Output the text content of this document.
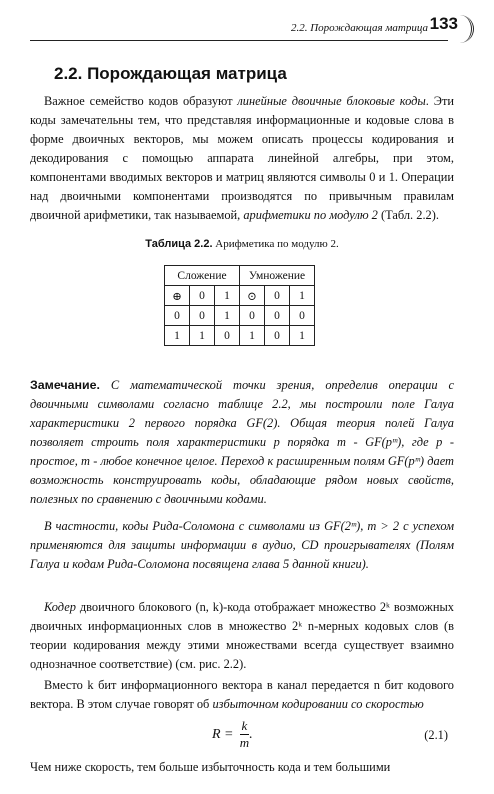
2.2. Порождающая матрица 133
2.2. Порождающая матрица

Важное семейство кодов образуют линейные двоичные блоковые коды. Эти коды замечательны тем, что представляя информационные и кодовые слова в форме двоичных векторов, мы можем описать процессы кодирования и декодирования с помощью аппарата линейной алгебры, при этом, компонентами вводимых векторов и матриц являются символы 0 и 1. Операции над двоичными компонентами производятся по привычным правилам двоичной арифметики, так называемой, арифметики по модулю 2 (Табл. 2.2).

Таблица 2.2. Арифметика по модулю 2.
Сложение			Умножение		
⊕	0	1	⊙	0	1
0	0	1	0	0	0
1	1	0	1	0	1

Замечание. С математической точки зрения, определив операции с двоичными символами согласно таблице 2.2, мы построили поле Галуа характеристики 2 первого порядка GF(2). Общая теория полей Галуа позволяет строить поля характеристики p порядка m - GF(pᵐ), где p - простое, m - любое конечное целое. Переход к расширенным полям GF(pᵐ) дает возможность конструировать коды, обладающие рядом новых свойств, полезных по сравнению с двоичными кодами.

В частности, коды Рида-Соломона с символами из GF(2ᵐ), m > 2 с успехом применяются для защиты информации в аудио, CD проигрывателях (Полям Галуа и кодам Рида-Соломона посвящена глава 5 данной книги).

Кодер двоичного блокового (n, k)-кода отображает множество 2ᵏ возможных двоичных информационных слов в множество 2ᵏ n-мерных кодовых слов (в теории кодирования между этими множествами всегда существует взаимно однозначное соответствие) (см. рис. 2.2).

Вместо k бит информационного вектора в канал передается n бит кодового вектора. В этом случае говорят об избыточном кодировании со скоростью

$R = \frac{k}{m}$ .	(2.1)

Чем ниже скорость, тем больше избыточность кода и тем большими
